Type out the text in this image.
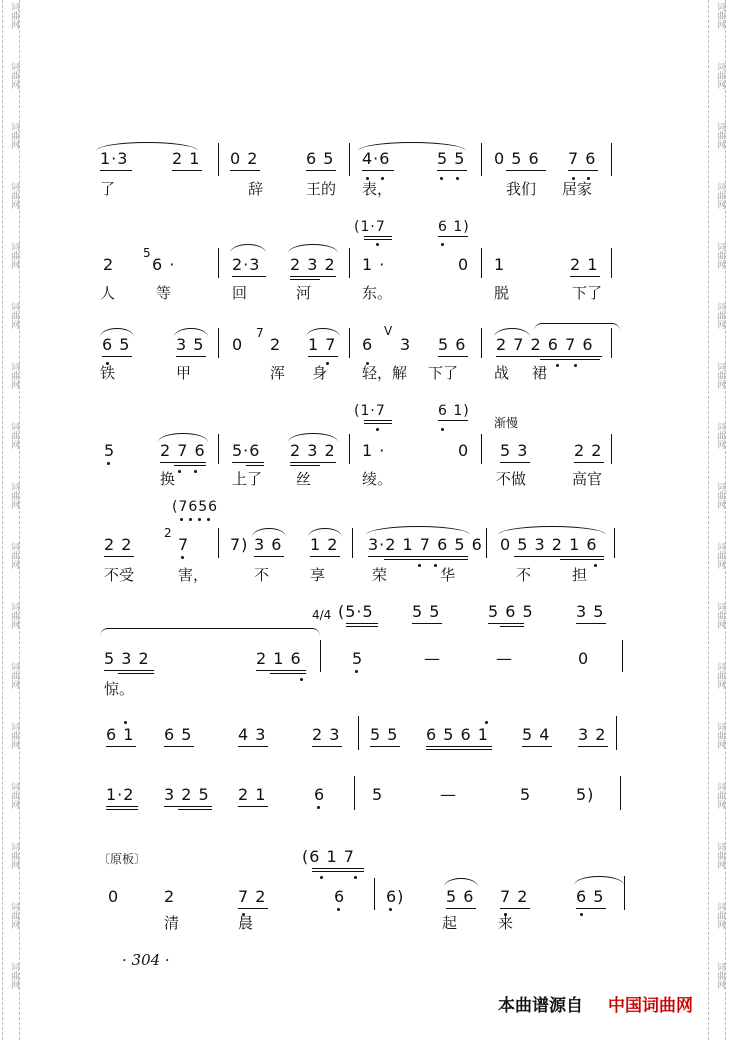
词曲网
词曲网
词曲网
词曲网
词曲网
词曲网
词曲网
词曲网
词曲网
词曲网
词曲网
词曲网
词曲网
词曲网
词曲网
词曲网
词曲网
词曲网
词曲网
词曲网
词曲网
词曲网
词曲网
词曲网
词曲网
词曲网
词曲网
词曲网
词曲网
词曲网
词曲网
词曲网
词曲网
词曲网
1·3	2 1 0 2	6 5 4·6	5 5 0 5 6 7 6
了	辞	王的 表，	我们 居家
(1·7	6 1)
2
5
6 ·	2·3 2 3 2 1 ·	0 1	2 1
人	等	回	河	东。	脱	下了
6 5	3 5 0
7
2 1 7 6
V
3 5 6 2 7 2 6 7 6
铁	甲	浑 身 轻，解 下了 战 裙
(1·7	6 1)
渐慢
5	2 7 6 5·6 2 3 2 1 ·	0 5 3	2 2
换	上了 丝	绫。	不做	高官
(7656
2 2
2
7	7) 3 6 1 2 3·2 1 7 6 5 6 0 5 3 2 1 6
不受	害，	不	享	荣	华	不	担
4/4 (5·5 5 5	5 6 5	3 5
5 3 2	2 1 6	5	—	—	0
惊。
6 1 6 5	4 3	2 3 5 5 6 5 6 1 5 4 3 2
1·2 3 2 5 2 1	6	5	—	5	5)
〔原板〕	(6 1 7
0	2	7 2	6	6)	5 6 7 2	6 5
清	晨	起	来
· 304 ·
本曲谱源自 中国词曲网
